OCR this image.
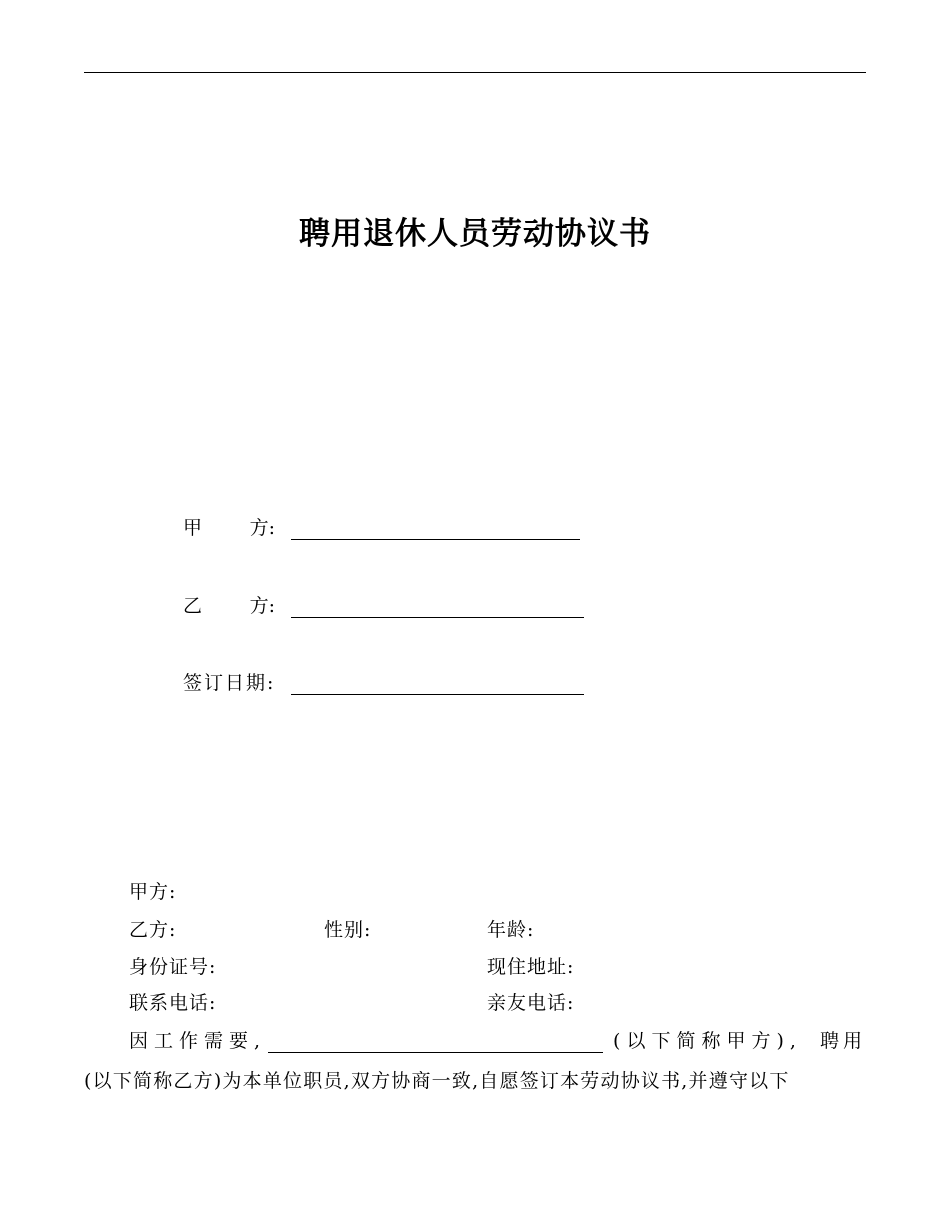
聘用退休人员劳动协议书
甲	方:
乙	方:
签订日期:
甲方:
乙方:	性别:	年龄:
身份证号:	现住地址:
联系电话:	亲友电话:
因工作需要,	(以下简称甲方), 聘用
(以下简称乙方)为本单位职员,双方协商一致,自愿签订本劳动协议书,并遵守以下
